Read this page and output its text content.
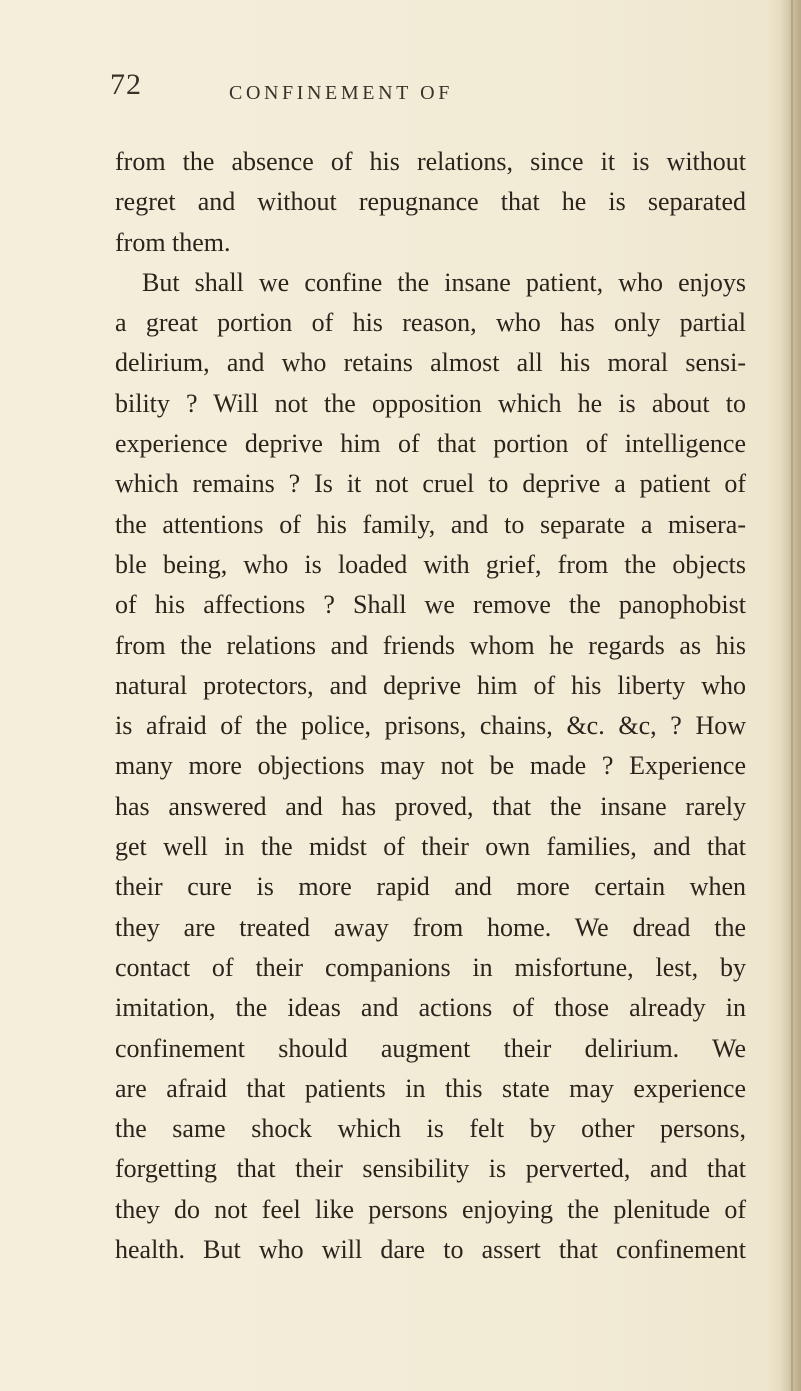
72	CONFINEMENT OF
from the absence of his relations, since it is without
regret and without repugnance that he is separated
from them.
But shall we confine the insane patient, who enjoys
a great portion of his reason, who has only partial
delirium, and who retains almost all his moral sensi-
bility ? Will not the opposition which he is about to
experience deprive him of that portion of intelligence
which remains ? Is it not cruel to deprive a patient of
the attentions of his family, and to separate a misera-
ble being, who is loaded with grief, from the objects
of his affections ? Shall we remove the panophobist
from the relations and friends whom he regards as his
natural protectors, and deprive him of his liberty who
is afraid of the police, prisons, chains, &c. &c, ? How
many more objections may not be made ? Experience
has answered and has proved, that the insane rarely
get well in the midst of their own families, and that
their cure is more rapid and more certain when
they are treated away from home. We dread the
contact of their companions in misfortune, lest, by
imitation, the ideas and actions of those already in
confinement should augment their delirium. We
are afraid that patients in this state may experience
the same shock which is felt by other persons,
forgetting that their sensibility is perverted, and that
they do not feel like persons enjoying the plenitude of
health. But who will dare to assert that confinement
